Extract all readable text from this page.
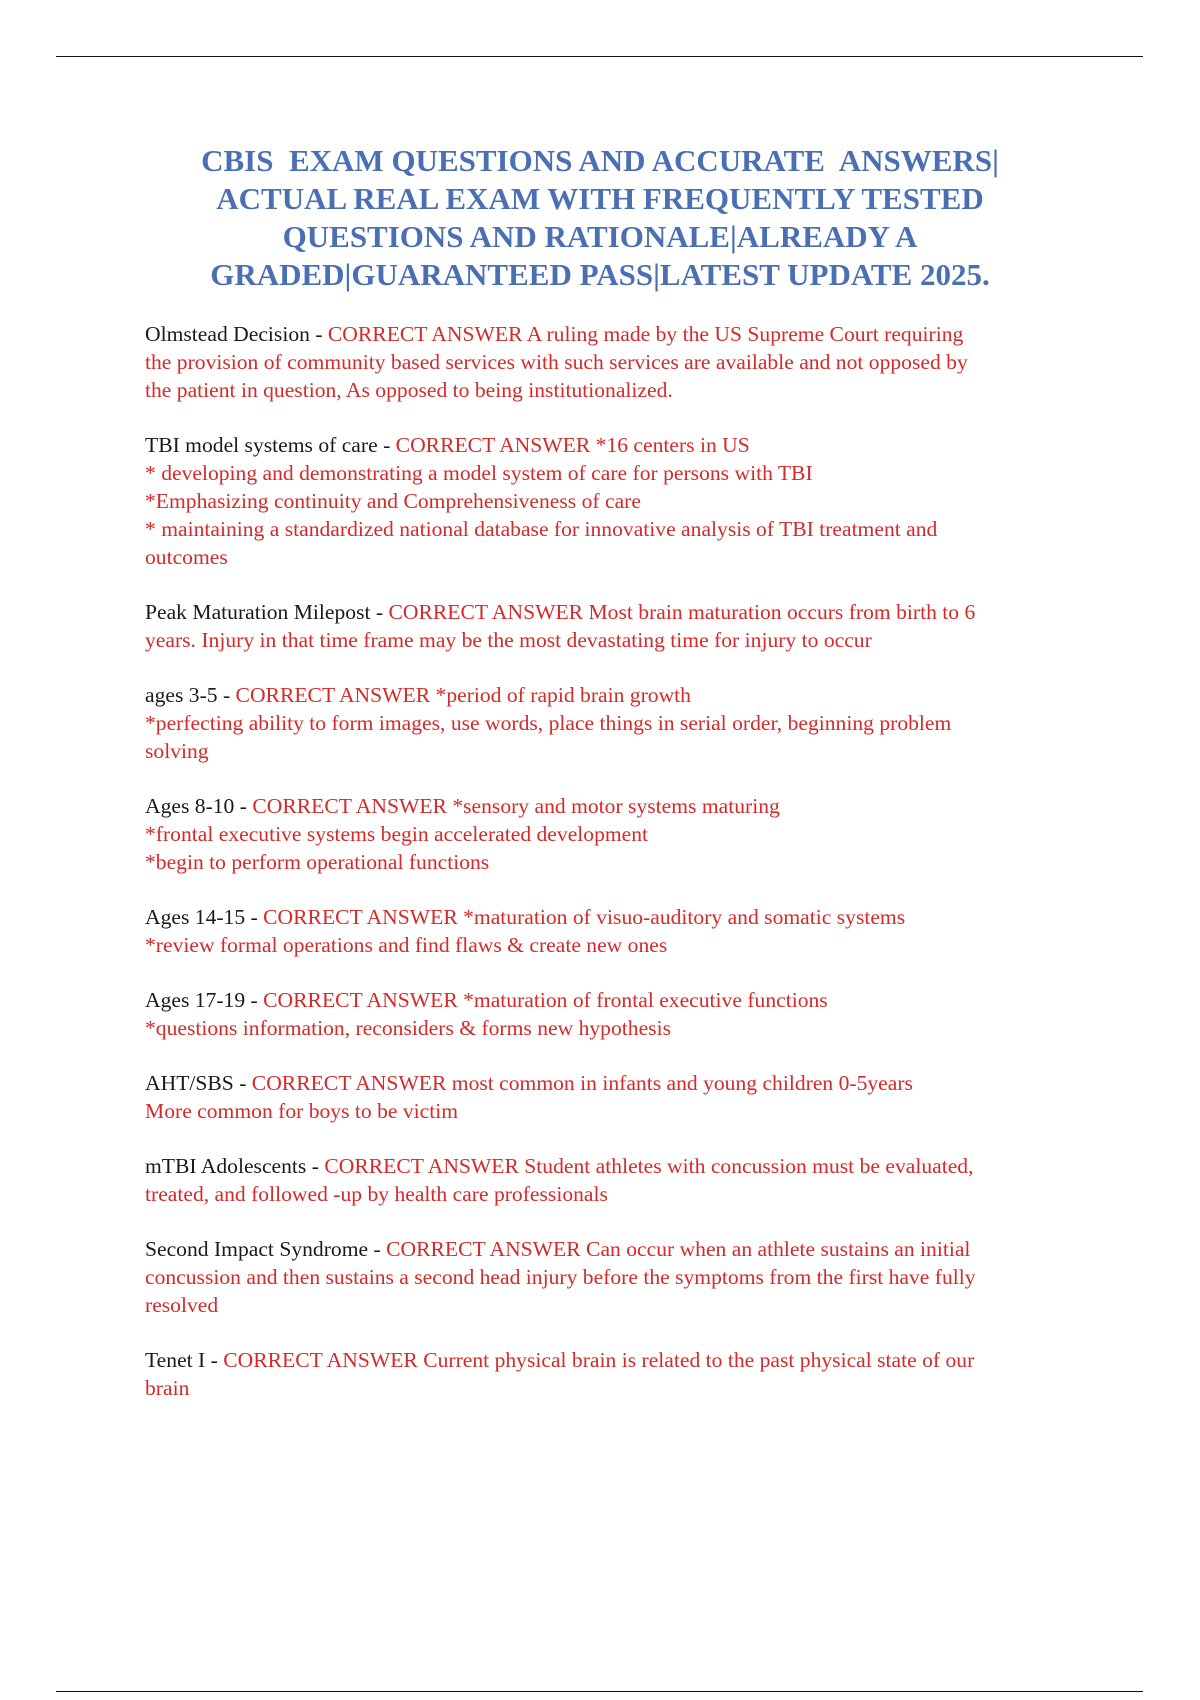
CBIS  EXAM QUESTIONS AND ACCURATE  ANSWERS|
ACTUAL REAL EXAM WITH FREQUENTLY TESTED
QUESTIONS AND RATIONALE|ALREADY A
GRADED|GUARANTEED PASS|LATEST UPDATE 2025.
Olmstead Decision - CORRECT ANSWER A ruling made by the US Supreme Court requiring
the provision of community based services with such services are available and not opposed by
the patient in question, As opposed to being institutionalized.
TBI model systems of care - CORRECT ANSWER *16 centers in US
* developing and demonstrating a model system of care for persons with TBI
*Emphasizing continuity and Comprehensiveness of care
* maintaining a standardized national database for innovative analysis of TBI treatment and
outcomes
Peak Maturation Milepost - CORRECT ANSWER Most brain maturation occurs from birth to 6
years. Injury in that time frame may be the most devastating time for injury to occur
ages 3-5 - CORRECT ANSWER *period of rapid brain growth
*perfecting ability to form images, use words, place things in serial order, beginning problem
solving
Ages 8-10 - CORRECT ANSWER *sensory and motor systems maturing
*frontal executive systems begin accelerated development
*begin to perform operational functions
Ages 14-15 - CORRECT ANSWER *maturation of visuo-auditory and somatic systems
*review formal operations and find flaws & create new ones
Ages 17-19 - CORRECT ANSWER *maturation of frontal executive functions
*questions information, reconsiders & forms new hypothesis
AHT/SBS - CORRECT ANSWER most common in infants and young children 0-5years
More common for boys to be victim
mTBI Adolescents - CORRECT ANSWER Student athletes with concussion must be evaluated,
treated, and followed -up by health care professionals
Second Impact Syndrome - CORRECT ANSWER Can occur when an athlete sustains an initial
concussion and then sustains a second head injury before the symptoms from the first have fully
resolved
Tenet I - CORRECT ANSWER Current physical brain is related to the past physical state of our
brain
